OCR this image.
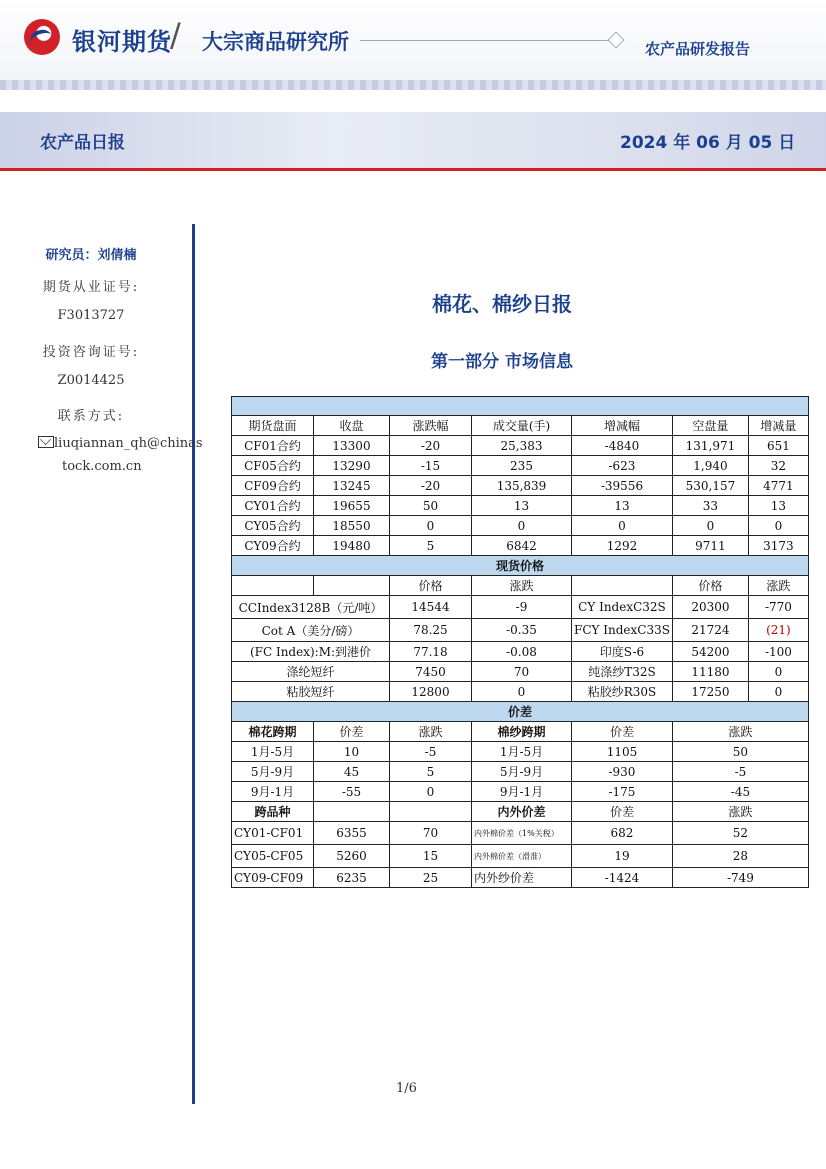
银河期货
/ 大宗商品研究所	农产品研发报告
农产品日报	2024 年 06 月 05 日
研究员：刘倩楠
期货从业证号:
F3013727
投资咨询证号:
Z0014425
联系方式:
liuqiannan_qh@chinas
tock.com.cn
棉花、棉纱日报
第一部分 市场信息

期货盘面	收盘	涨跌幅	成交量(手)	增减幅	空盘量	增减量
CF01合约	13300	-20	25,383	-4840	131,971	651
CF05合约	13290	-15	235	-623	1,940	32
CF09合约	13245	-20	135,839	-39556	530,157	4771
CY01合约	19655	50	13	13	33	13
CY05合约	18550	0	0	0	0	0
CY09合约	19480	5	6842	1292	9711	3173
现货价格						
		价格	涨跌		价格	涨跌
CCIndex3128B（元/吨）		14544	-9	CY IndexC32S	20300	-770
Cot A（美分/磅）		78.25	-0.35	FCY IndexC33S	21724	(21)
(FC Index):M:到港价		77.18	-0.08	印度S-6	54200	-100
涤纶短纤		7450	70	纯涤纱T32S	11180	0
粘胶短纤		12800	0	粘胶纱R30S	17250	0
价差						
棉花跨期	价差	涨跌	棉纱跨期	价差	涨跌	
1月-5月	10	-5	1月-5月	1105	50	
5月-9月	45	5	5月-9月	-930	-5	
9月-1月	-55	0	9月-1月	-175	-45	
跨品种			内外价差	价差	涨跌	
CY01-CF01	6355	70	内外棉价差（1%关税）	682	52	
CY05-CF05	5260	15	内外棉价差（滑准）	19	28	
CY09-CF09	6235	25	内外纱价差	-1424	-749	
1/6
